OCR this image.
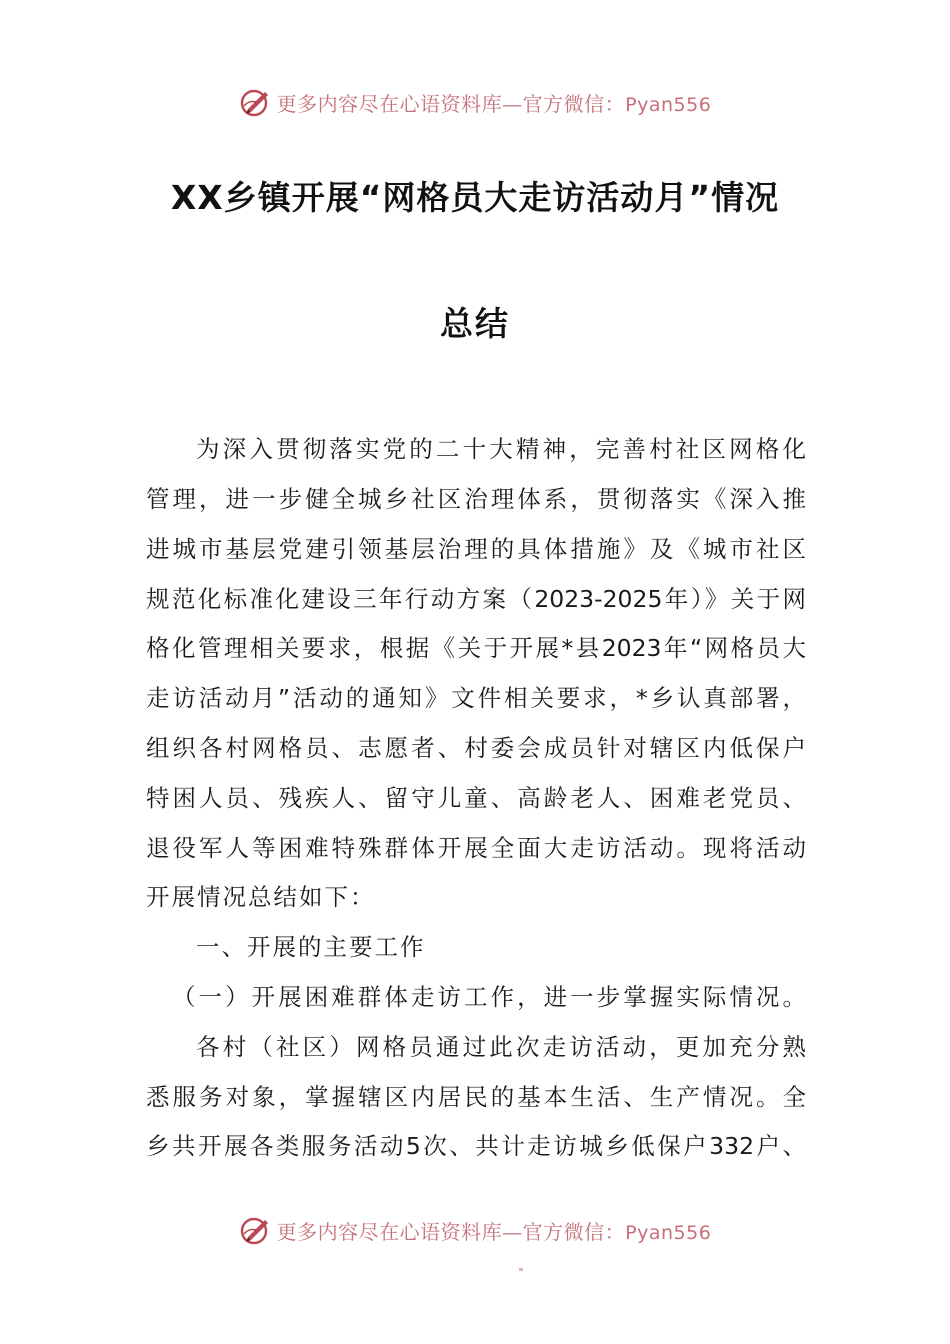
更多内容尽在心语资料库—官方微信：Pyan556
XX乡镇开展“网格员大走访活动月”情况
总结
为深入贯彻落实党的二十大精神，完善村社区网格化
管理，进一步健全城乡社区治理体系，贯彻落实《深入推
进城市基层党建引领基层治理的具体措施》及《城市社区
规范化标准化建设三年行动方案（2023-2025年）》关于网
格化管理相关要求，根据《关于开展*县2023年“网格员大
走访活动月”活动的通知》文件相关要求，*乡认真部署，
组织各村网格员、志愿者、村委会成员针对辖区内低保户
特困人员、残疾人、留守儿童、高龄老人、困难老党员、
退役军人等困难特殊群体开展全面大走访活动。现将活动
开展情况总结如下：
一、开展的主要工作
（一）开展困难群体走访工作，进一步掌握实际情况。
各村（社区）网格员通过此次走访活动，更加充分熟
悉服务对象，掌握辖区内居民的基本生活、生产情况。全
乡共开展各类服务活动5次、共计走访城乡低保户332户、
更多内容尽在心语资料库—官方微信：Pyan556
